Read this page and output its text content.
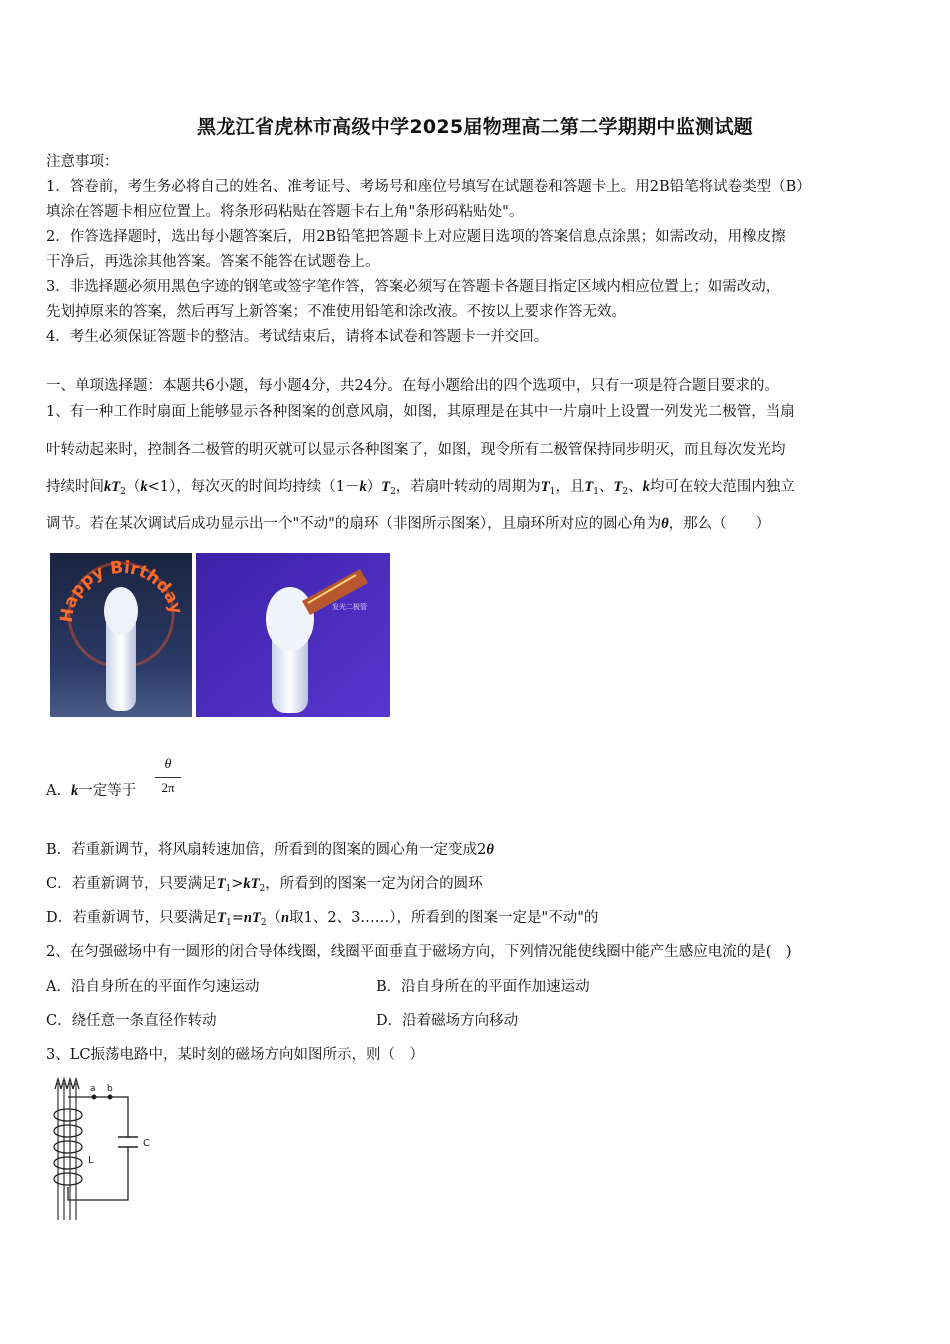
黑龙江省虎林市高级中学2025届物理高二第二学期期中监测试题
注意事项：
1．答卷前，考生务必将自己的姓名、准考证号、考场号和座位号填写在试题卷和答题卡上。用2B铅笔将试卷类型（B）
填涂在答题卡相应位置上。将条形码粘贴在答题卡右上角"条形码粘贴处"。
2．作答选择题时，选出每小题答案后，用2B铅笔把答题卡上对应题目选项的答案信息点涂黑；如需改动，用橡皮擦
干净后，再选涂其他答案。答案不能答在试题卷上。
3．非选择题必须用黑色字迹的钢笔或签字笔作答，答案必须写在答题卡各题目指定区域内相应位置上；如需改动，
先划掉原来的答案，然后再写上新答案；不准使用铅笔和涂改液。不按以上要求作答无效。
4．考生必须保证答题卡的整洁。考试结束后，请将本试卷和答题卡一并交回。
一、单项选择题：本题共6小题，每小题4分，共24分。在每小题给出的四个选项中，只有一项是符合题目要求的。
1、有一种工作时扇面上能够显示各种图案的创意风扇，如图，其原理是在其中一片扇叶上设置一列发光二极管，当扇
叶转动起来时，控制各二极管的明灭就可以显示各种图案了，如图，现令所有二极管保持同步明灭，而且每次发光均
持续时间$kT_2(k<1)$，每次灭的时间均持续$(1-k)T_2$，若扇叶转动的周期为$T_1$，且$T_1$、$T_2$、k均可在较大范围内独立
调节。若在某次调试后成功显示出一个"不动"的扇环（非图所示图案），且扇环所对应的圆心角为θ，那么（　　）
Happy Birthday	发光二极管
θ
2π
A．k一定等于
B．若重新调节，将风扇转速加倍，所看到的图案的圆心角一定变成2θ
C．若重新调节，只要满足$T_1>kT_2$，所看到的图案一定为闭合的圆环
D．若重新调节，只要满足$T_1=nT_2(n$取1、2、3……），所看到的图案一定是"不动"的
2、在匀强磁场中有一圆形的闭合导体线圈，线圈平面垂直于磁场方向，下列情况能使线圈中能产生感应电流的是(　)
A．沿自身所在的平面作匀速运动	B．沿自身所在的平面作加速运动
C．绕任意一条直径作转动	D．沿着磁场方向移动
3、LC振荡电路中，某时刻的磁场方向如图所示，则（　）
a b
L
C
